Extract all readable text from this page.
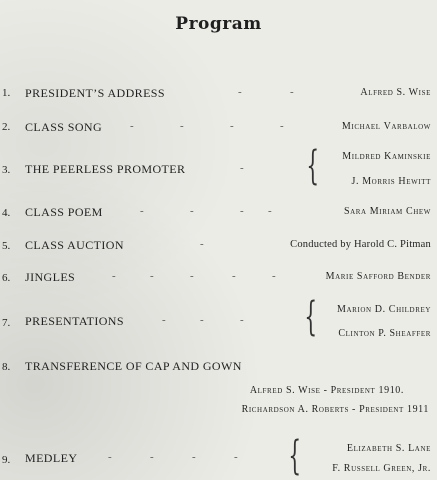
Program
1. PRESIDENT’S ADDRESS	-	-	Alfred S. Wise
2. CLASS SONG	-	-	-	-	Michael Varbalow
3. THE PEERLESS PROMOTER	- { Mildred Kaminskie
J. Morris Hewitt
4. CLASS POEM	-	-	- -	Sara Miriam Chew
5. CLASS AUCTION	-	Conducted by Harold C. Pitman
6. JINGLES	-	-	-	-	-	Marie Safford Bender
7. PRESENTATIONS	-	-	- { Marion D. Childrey
Clinton P. Sheaffer
8. TRANSFERENCE OF CAP AND GOWN
Alfred S. Wise - President 1910.
Richardson A. Roberts - President 1911
9. MEDLEY	-	-	-	- {	Elizabeth S. Lane
F. Russell Green, Jr.
